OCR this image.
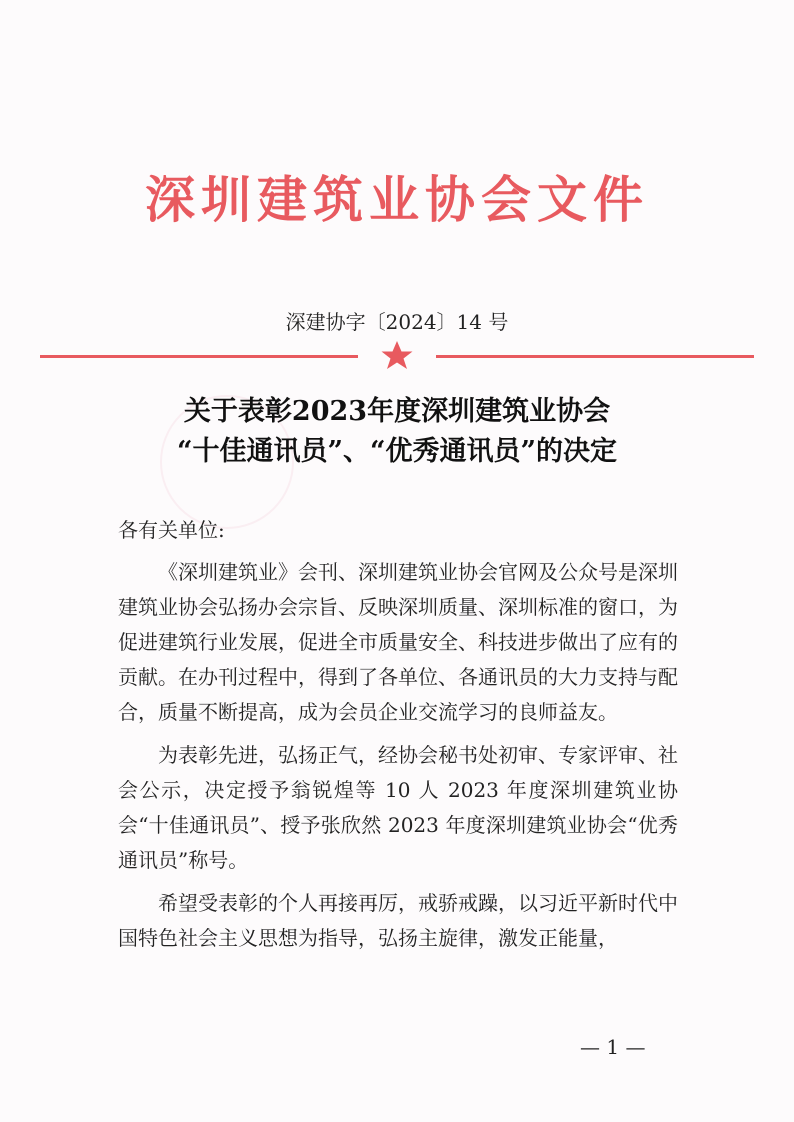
深圳建筑业协会文件
深建协字〔2024〕14 号
关于表彰2023年度深圳建筑业协会
“十佳通讯员”、“优秀通讯员”的决定
各有关单位:

《深圳建筑业》会刊、深圳建筑业协会官网及公众号是深圳建筑业协会弘扬办会宗旨、反映深圳质量、深圳标准的窗口，为促进建筑行业发展，促进全市质量安全、科技进步做出了应有的贡献。在办刊过程中，得到了各单位、各通讯员的大力支持与配合，质量不断提高，成为会员企业交流学习的良师益友。

为表彰先进，弘扬正气，经协会秘书处初审、专家评审、社会公示，决定授予翁锐煌等 10 人 2023 年度深圳建筑业协会“十佳通讯员”、授予张欣然 2023 年度深圳建筑业协会“优秀通讯员”称号。

希望受表彰的个人再接再厉，戒骄戒躁，以习近平新时代中国特色社会主义思想为指导，弘扬主旋律，激发正能量，

— 1 —
